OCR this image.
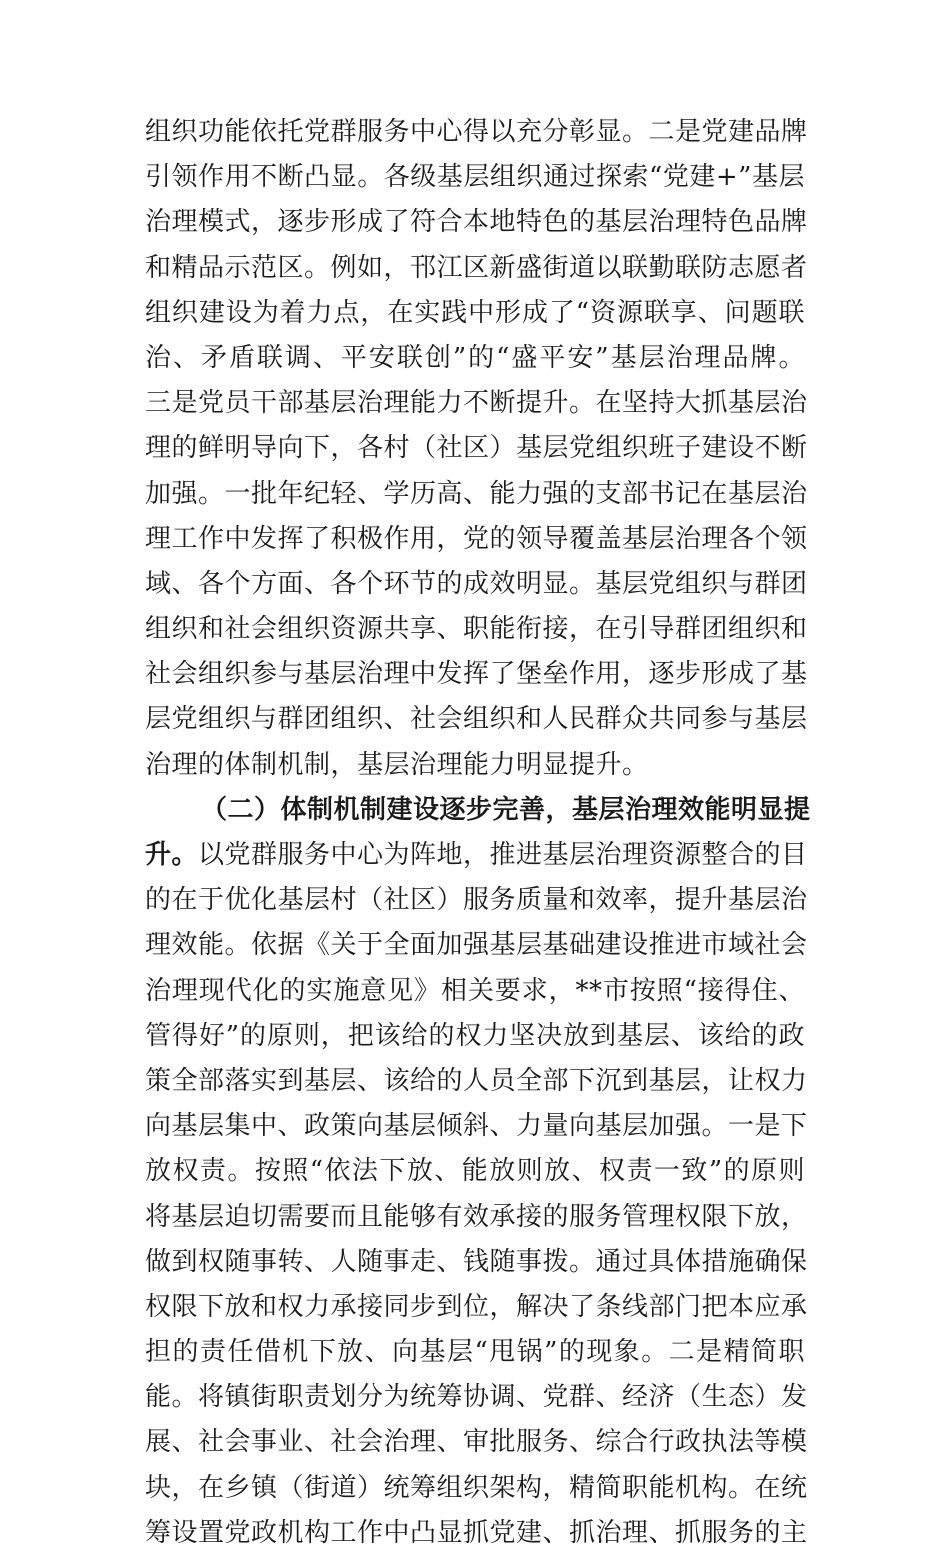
组织功能依托党群服务中心得以充分彰显。二是党建品牌
引领作用不断凸显。各级基层组织通过探索“党建+”基层
治理模式，逐步形成了符合本地特色的基层治理特色品牌
和精品示范区。例如，邗江区新盛街道以联勤联防志愿者
组织建设为着力点，在实践中形成了“资源联享、问题联
治、矛盾联调、平安联创”的“盛平安”基层治理品牌。
三是党员干部基层治理能力不断提升。在坚持大抓基层治
理的鲜明导向下，各村（社区）基层党组织班子建设不断
加强。一批年纪轻、学历高、能力强的支部书记在基层治
理工作中发挥了积极作用，党的领导覆盖基层治理各个领
域、各个方面、各个环节的成效明显。基层党组织与群团
组织和社会组织资源共享、职能衔接，在引导群团组织和
社会组织参与基层治理中发挥了堡垒作用，逐步形成了基
层党组织与群团组织、社会组织和人民群众共同参与基层
治理的体制机制，基层治理能力明显提升。
（二）体制机制建设逐步完善，基层治理效能明显提
升。以党群服务中心为阵地，推进基层治理资源整合的目
的在于优化基层村（社区）服务质量和效率，提升基层治
理效能。依据《关于全面加强基层基础建设推进市域社会
治理现代化的实施意见》相关要求，**市按照“接得住、
管得好”的原则，把该给的权力坚决放到基层、该给的政
策全部落实到基层、该给的人员全部下沉到基层，让权力
向基层集中、政策向基层倾斜、力量向基层加强。一是下
放权责。按照“依法下放、能放则放、权责一致”的原则
将基层迫切需要而且能够有效承接的服务管理权限下放，
做到权随事转、人随事走、钱随事拨。通过具体措施确保
权限下放和权力承接同步到位，解决了条线部门把本应承
担的责任借机下放、向基层“甩锅”的现象。二是精简职
能。将镇街职责划分为统筹协调、党群、经济（生态）发
展、社会事业、社会治理、审批服务、综合行政执法等模
块，在乡镇（街道）统筹组织架构，精简职能机构。在统
筹设置党政机构工作中凸显抓党建、抓治理、抓服务的主
